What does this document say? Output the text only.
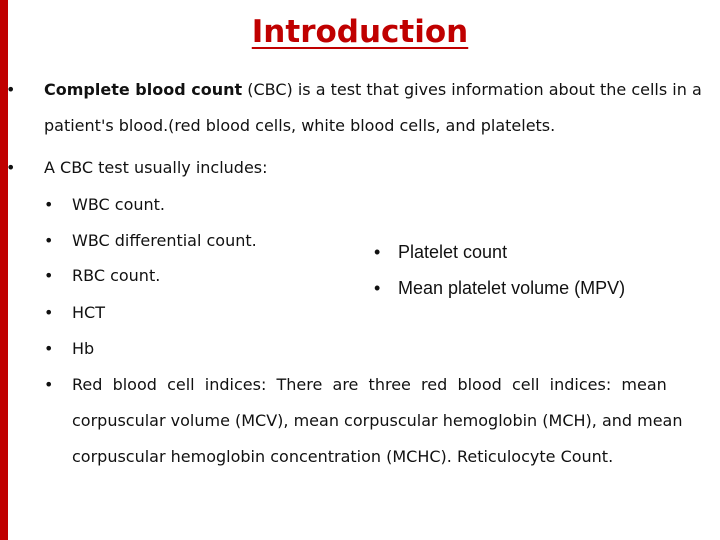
Introduction
• Complete blood count (CBC) is a test that gives information about the cells in a
patient's blood.(red blood cells, white blood cells, and platelets.
• A CBC test usually includes:
• WBC count.
• WBC differential count.
• RBC count.
• HCT
• Hb
• Red  blood  cell  indices:  There  are  three  red  blood  cell  indices:  mean
corpuscular volume (MCV), mean corpuscular hemoglobin (MCH), and mean
corpuscular hemoglobin concentration (MCHC). Reticulocyte Count.
• Platelet count
• Mean platelet volume (MPV)
